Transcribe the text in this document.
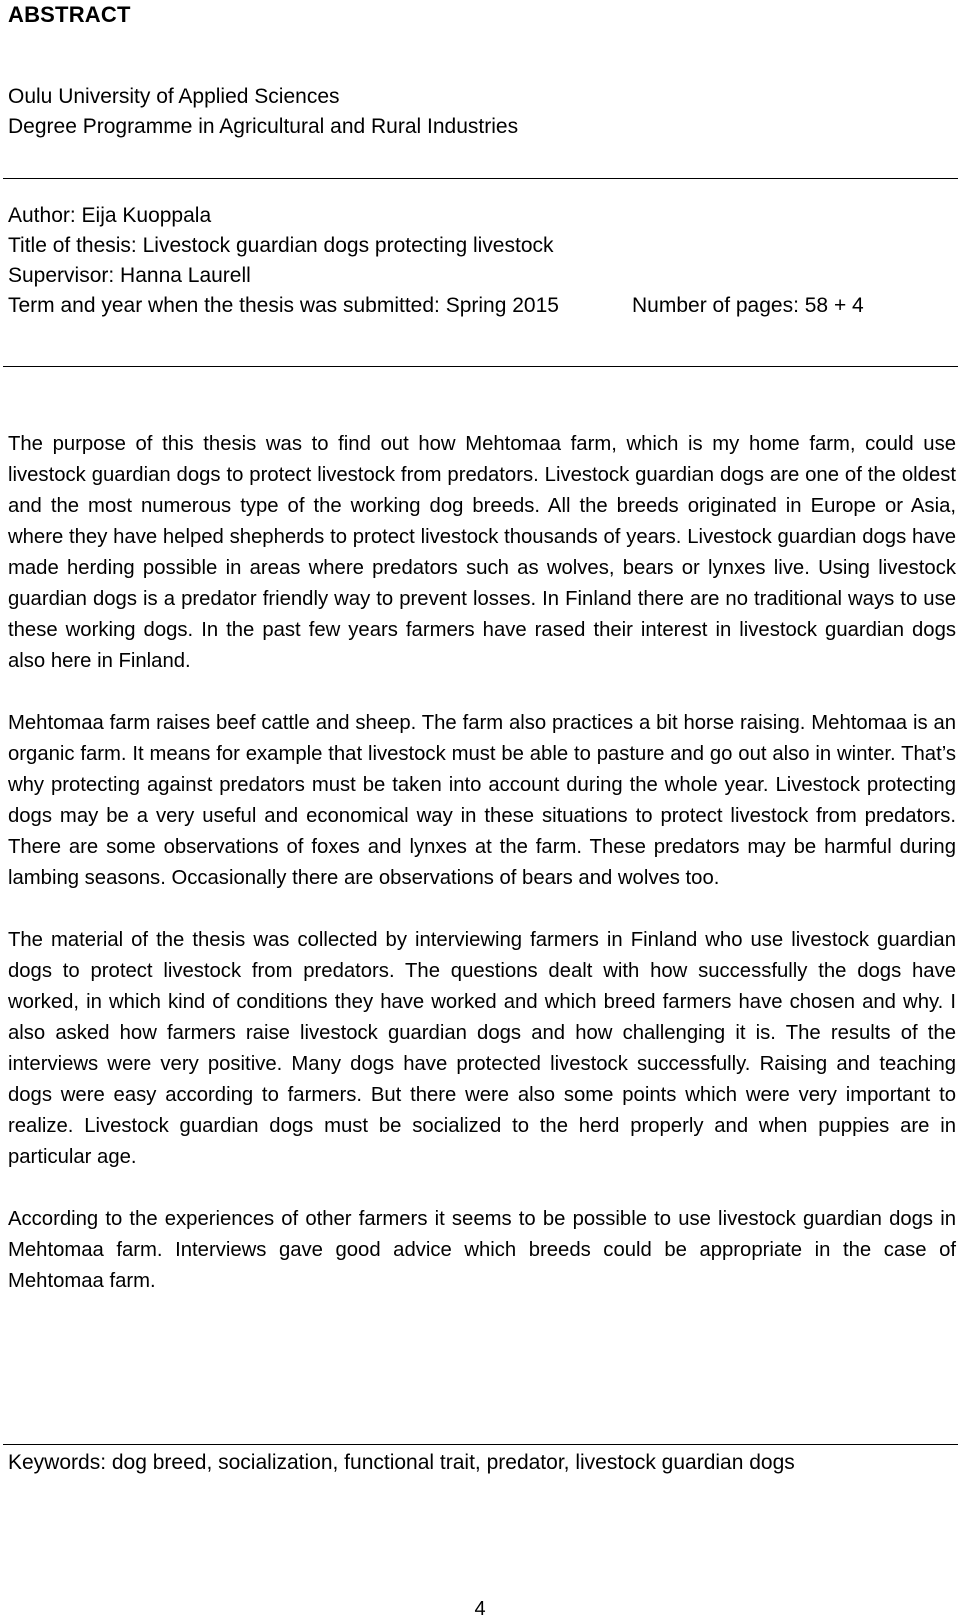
ABSTRACT
Oulu University of Applied Sciences
Degree Programme in Agricultural and Rural Industries
Author: Eija Kuoppala
Title of thesis: Livestock guardian dogs protecting livestock
Supervisor: Hanna Laurell
Term and year when the thesis was submitted: Spring 2015	Number of pages: 58 + 4

The purpose of this thesis was to find out how Mehtomaa farm, which is my home farm, could use livestock guardian dogs to protect livestock from predators. Livestock guardian dogs are one of the oldest and the most numerous type of the working dog breeds. All the breeds originated in Europe or Asia, where they have helped shepherds to protect livestock thousands of years. Livestock guardian dogs have made herding possible in areas where predators such as wolves, bears or lynxes live. Using livestock guardian dogs is a predator friendly way to prevent losses. In Finland there are no traditional ways to use these working dogs. In the past few years farmers have rased their interest in livestock guardian dogs also here in Finland.

Mehtomaa farm raises beef cattle and sheep. The farm also practices a bit horse raising. Mehtomaa is an organic farm. It means for example that livestock must be able to pasture and go out also in winter. That’s why protecting against predators must be taken into account during the whole year. Livestock protecting dogs may be a very useful and economical way in these situations to protect livestock from predators. There are some observations of foxes and lynxes at the farm. These predators may be harmful during lambing seasons. Occasionally there are observations of bears and wolves too.

The material of the thesis was collected by interviewing farmers in Finland who use livestock guardian dogs to protect livestock from predators. The questions dealt with how successfully the dogs have worked, in which kind of conditions they have worked and which breed farmers have chosen and why. I also asked how farmers raise livestock guardian dogs and how challenging it is. The results of the interviews were very positive. Many dogs have protected livestock successfully. Raising and teaching dogs were easy according to farmers. But there were also some points which were very important to realize. Livestock guardian dogs must be socialized to the herd properly and when puppies are in particular age.

According to the experiences of other farmers it seems to be possible to use livestock guardian dogs in Mehtomaa farm. Interviews gave good advice which breeds could be appropriate in the case of Mehtomaa farm.

Keywords: dog breed, socialization, functional trait, predator, livestock guardian dogs
4
